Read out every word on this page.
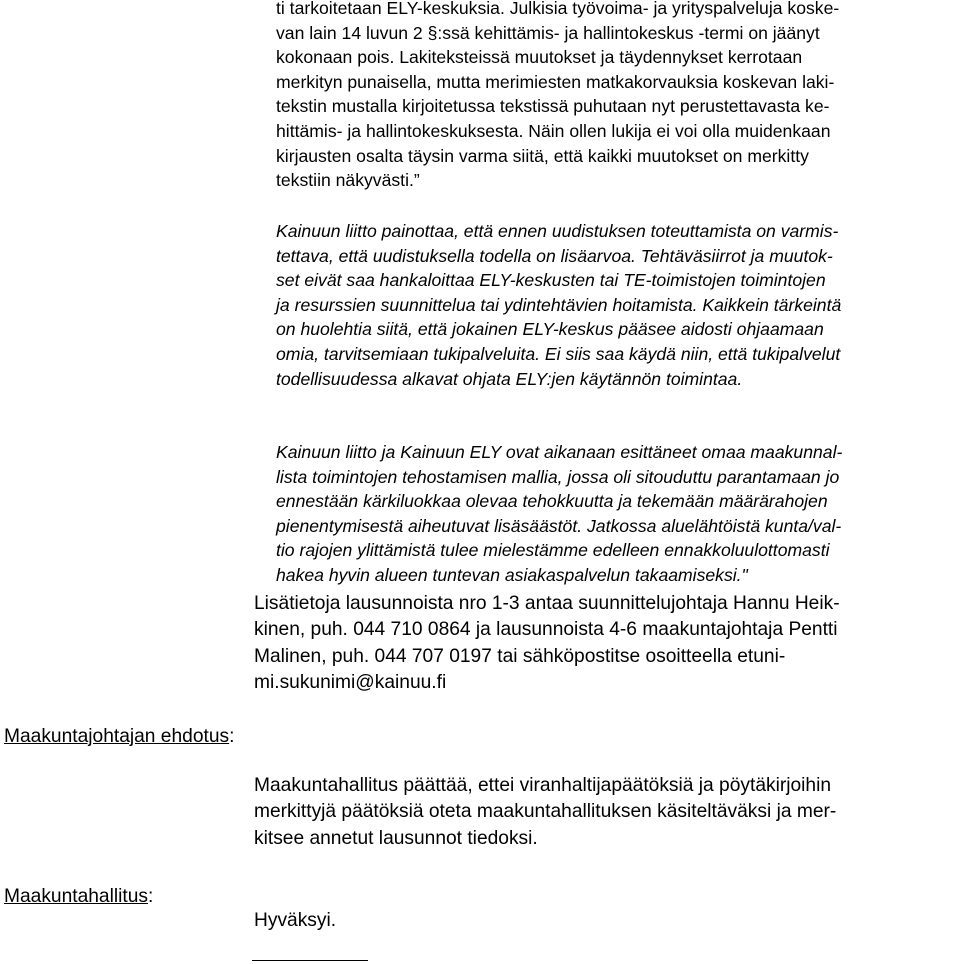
ti tarkoitetaan ELY-keskuksia. Julkisia työvoima- ja yrityspalveluja koske-
van lain 14 luvun 2 §:ssä kehittämis- ja hallintokeskus -termi on jäänyt
kokonaan pois. Lakiteksteissä muutokset ja täydennykset kerrotaan
merkityn punaisella, mutta merimiesten matkakorvauksia koskevan laki-
tekstin mustalla kirjoitetussa tekstissä puhutaan nyt perustettavasta ke-
hittämis- ja hallintokeskuksesta. Näin ollen lukija ei voi olla muidenkaan
kirjausten osalta täysin varma siitä, että kaikki muutokset on merkitty
tekstiin näkyvästi.”
Kainuun liitto painottaa, että ennen uudistuksen toteuttamista on varmis-
tettava, että uudistuksella todella on lisäarvoa. Tehtäväsiirrot ja muutok-
set eivät saa hankaloittaa ELY-keskusten tai TE-toimistojen toimintojen
ja resurssien suunnittelua tai ydintehtävien hoitamista. Kaikkein tärkeintä
on huolehtia siitä, että jokainen ELY-keskus pääsee aidosti ohjaamaan
omia, tarvitsemiaan tukipalveluita. Ei siis saa käydä niin, että tukipalvelut
todellisuudessa alkavat ohjata ELY:jen käytännön toimintaa.
Kainuun liitto ja Kainuun ELY ovat aikanaan esittäneet omaa maakunnal-
lista toimintojen tehostamisen mallia, jossa oli sitouduttu parantamaan jo
ennestään kärkiluokkaa olevaa tehokkuutta ja tekemään määrärahojen
pienentymisestä aiheutuvat lisäsäästöt. Jatkossa aluelähtöistä kunta/val-
tio rajojen ylittämistä tulee mielestämme edelleen ennakkoluulottomasti
hakea hyvin alueen tuntevan asiakaspalvelun takaamiseksi."
Lisätietoja lausunnoista nro 1-3 antaa suunnittelujohtaja Hannu Heik-
kinen, puh. 044 710 0864 ja lausunnoista 4-6 maakuntajohtaja Pentti
Malinen, puh. 044 707 0197 tai sähköpostitse osoitteella etuni-
mi.sukunimi@kainuu.fi

Maakuntajohtajan ehdotus:

Maakuntahallitus päättää, ettei viranhaltijapäätöksiä ja pöytäkirjoihin
merkittyjä päätöksiä oteta maakuntahallituksen käsiteltäväksi ja mer-
kitsee annetut lausunnot tiedoksi.

Maakuntahallitus:

Hyväksyi.
